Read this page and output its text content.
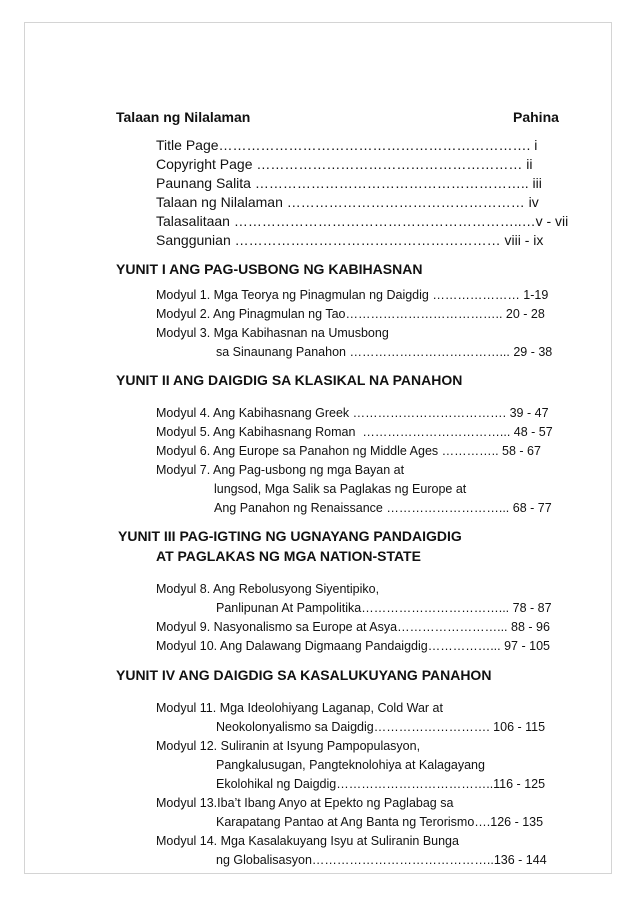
Talaan ng Nilalaman	Pahina
Title Page…………………………………………………………. i
Copyright Page ………………………………………………… ii
Paunang Salita ………………………………………………….. iii
Talaan ng Nilalaman …………………………………………… iv
Talasalitaan ……………………………………………………..…v - vii
Sanggunian ………………………………………………… viii - ix
YUNIT I ANG PAG-USBONG NG KABIHASNAN
Modyul 1. Mga Teorya ng Pinagmulan ng Daigdig ………………… 1-19
Modyul 2. Ang Pinagmulan ng Tao……………………………….. 20 - 28
Modyul 3. Mga Kabihasnan na Umusbong
sa Sinaunang Panahon ………………………………... 29 - 38
YUNIT II ANG DAIGDIG SA KLASIKAL NA PANAHON
Modyul 4. Ang Kabihasnang Greek ………………………………. 39 - 47
Modyul 5. Ang Kabihasnang Roman  ……………………………... 48 - 57
Modyul 6. Ang Europe sa Panahon ng Middle Ages ………….. 58 - 67
Modyul 7. Ang Pag-usbong ng mga Bayan at
lungsod, Mga Salik sa Paglakas ng Europe at
Ang Panahon ng Renaissance ………………………... 68 - 77
YUNIT III PAG-IGTING NG UGNAYANG PANDAIGDIG
AT PAGLAKAS NG MGA NATION-STATE
Modyul 8. Ang Rebolusyong Siyentipiko,
Panlipunan At Pampolitika……………………………... 78 - 87
Modyul 9. Nasyonalismo sa Europe at Asya……………………... 88 - 96
Modyul 10. Ang Dalawang Digmaang Pandaigdig……………... 97 - 105
YUNIT IV ANG DAIGDIG SA KASALUKUYANG PANAHON
Modyul 11. Mga Ideolohiyang Laganap, Cold War at
Neokolonyalismo sa Daigdig………………………. 106 - 115
Modyul 12. Suliranin at Isyung Pampopulasyon,
Pangkalusugan, Pangteknolohiya at Kalagayang
Ekolohikal ng Daigdig………………………………..116 - 125
Modyul 13.Iba’t Ibang Anyo at Epekto ng Paglabag sa
Karapatang Pantao at Ang Banta ng Terorismo….126 - 135
Modyul 14. Mga Kasalakuyang Isyu at Suliranin Bunga
ng Globalisasyon……………………………………..136 - 144
